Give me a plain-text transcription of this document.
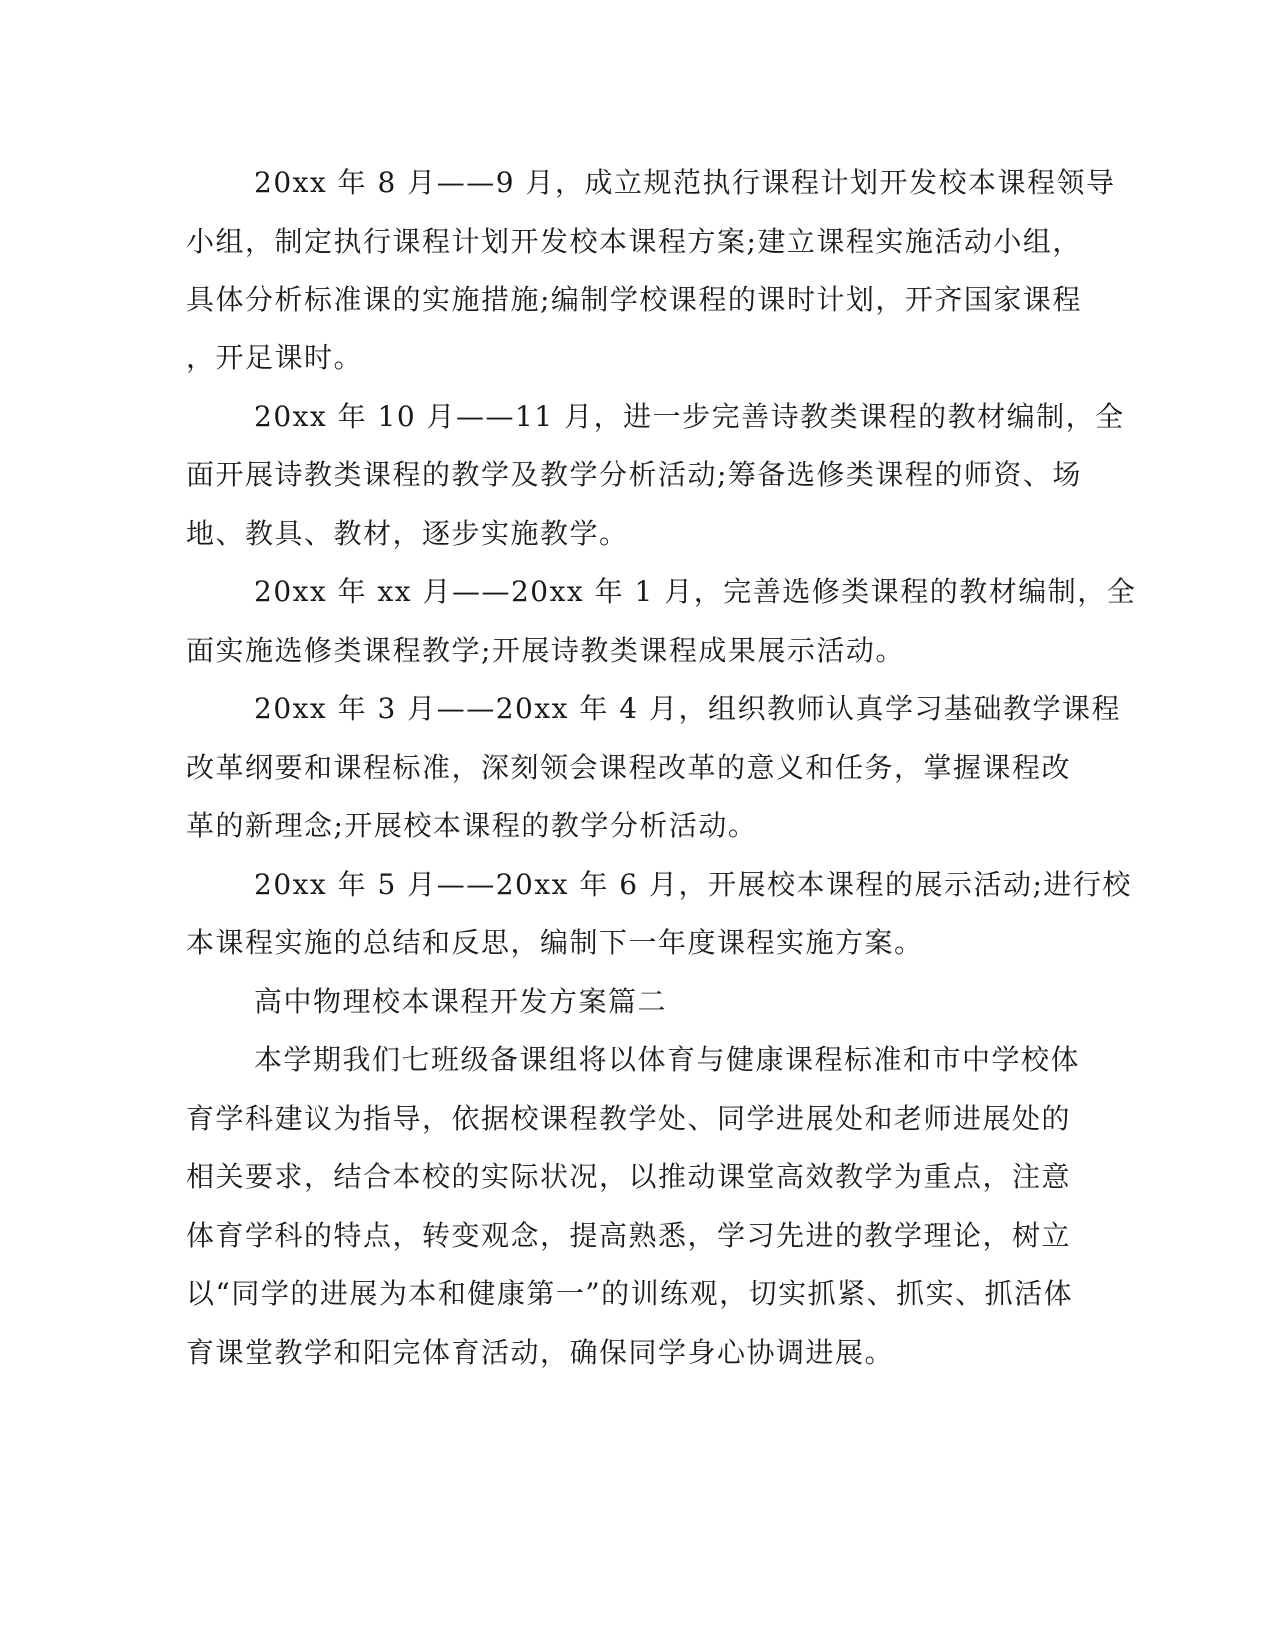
20xx 年 8 月——9 月，成立规范执行课程计划开发校本课程领导

小组，制定执行课程计划开发校本课程方案;建立课程实施活动小组，

具体分析标准课的实施措施;编制学校课程的课时计划，开齐国家课程

，开足课时。

20xx 年 10 月——11 月，进一步完善诗教类课程的教材编制，全

面开展诗教类课程的教学及教学分析活动;筹备选修类课程的师资、场

地、教具、教材，逐步实施教学。

20xx 年 xx 月——20xx 年 1 月，完善选修类课程的教材编制，全

面实施选修类课程教学;开展诗教类课程成果展示活动。

20xx 年 3 月——20xx 年 4 月，组织教师认真学习基础教学课程

改革纲要和课程标准，深刻领会课程改革的意义和任务，掌握课程改

革的新理念;开展校本课程的教学分析活动。

20xx 年 5 月——20xx 年 6 月，开展校本课程的展示活动;进行校

本课程实施的总结和反思，编制下一年度课程实施方案。

高中物理校本课程开发方案篇二

本学期我们七班级备课组将以体育与健康课程标准和市中学校体

育学科建议为指导，依据校课程教学处、同学进展处和老师进展处的

相关要求，结合本校的实际状况，以推动课堂高效教学为重点，注意

体育学科的特点，转变观念，提高熟悉，学习先进的教学理论，树立

以“同学的进展为本和健康第一”的训练观，切实抓紧、抓实、抓活体

育课堂教学和阳完体育活动，确保同学身心协调进展。
